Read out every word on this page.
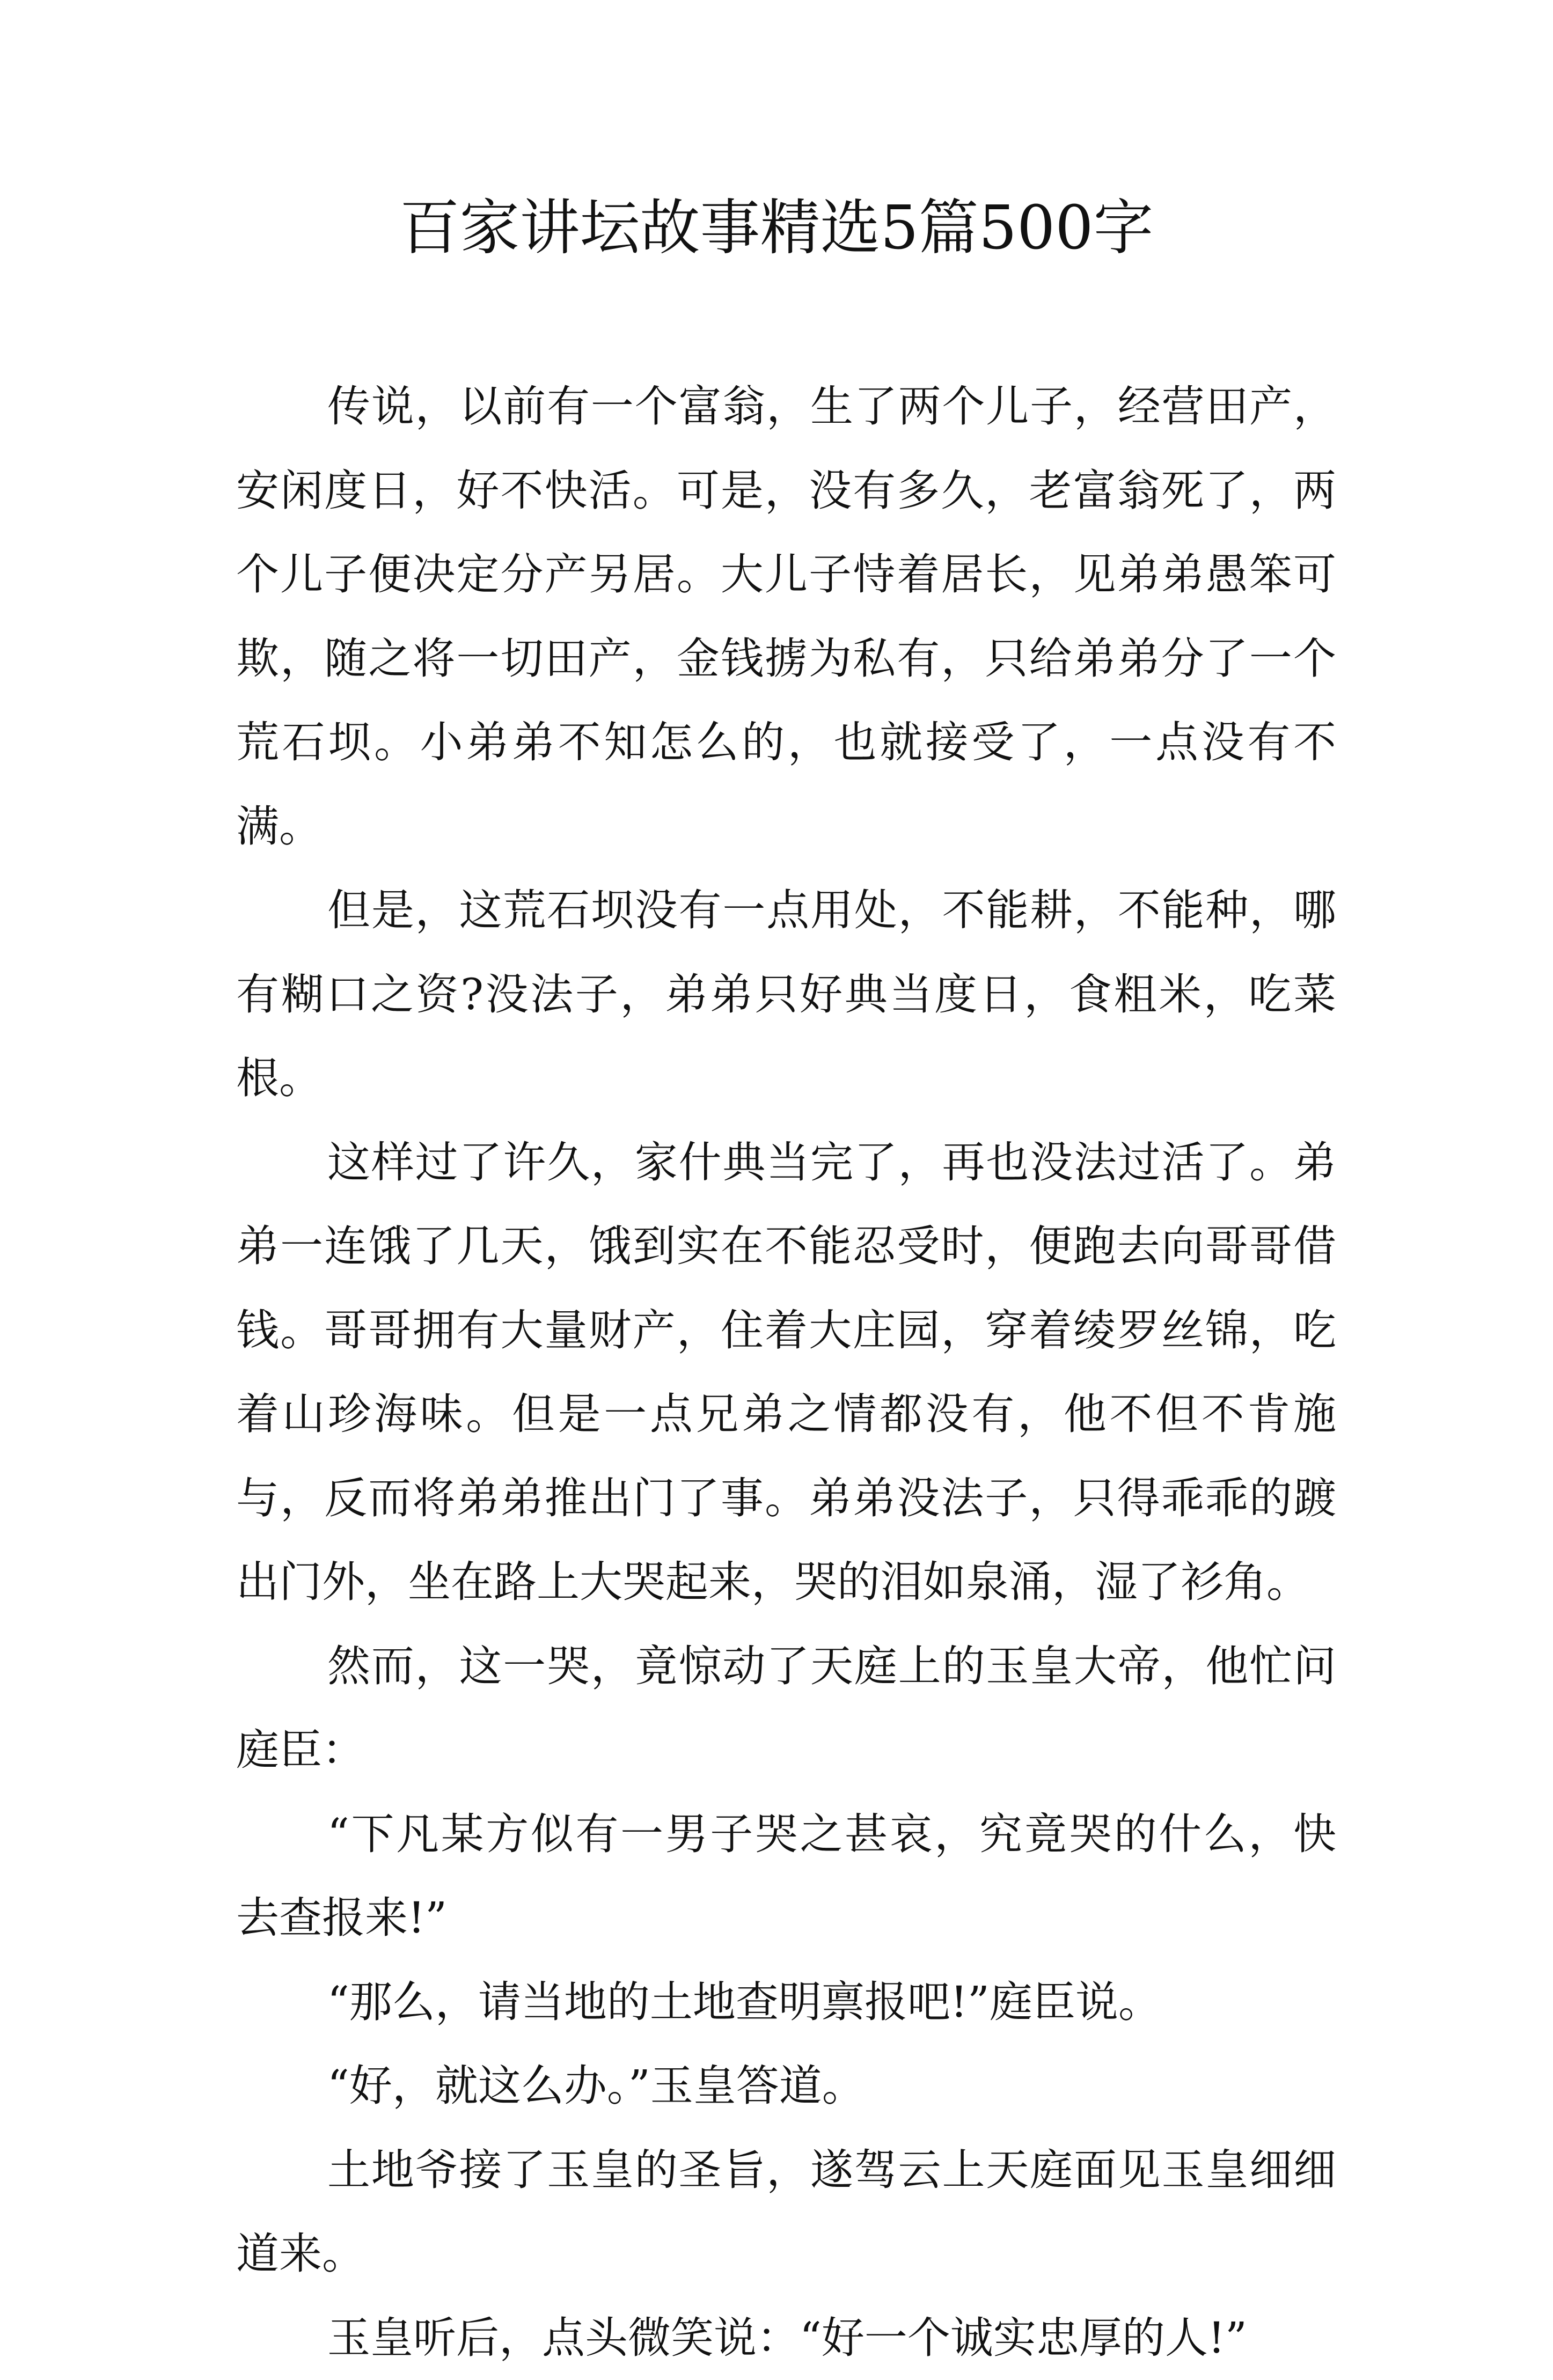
百家讲坛故事精选5篇500字

传说，以前有一个富翁，生了两个儿子，经营田产，安闲度日，好不快活。可是，没有多久，老富翁死了，两个儿子便决定分产另居。大儿子恃着居长，见弟弟愚笨可欺，随之将一切田产，金钱掳为私有，只给弟弟分了一个荒石坝。小弟弟不知怎么的，也就接受了，一点没有不满。

但是，这荒石坝没有一点用处，不能耕，不能种，哪有糊口之资?没法子，弟弟只好典当度日，食粗米，吃菜根。

这样过了许久，家什典当完了，再也没法过活了。弟弟一连饿了几天，饿到实在不能忍受时，便跑去向哥哥借钱。哥哥拥有大量财产，住着大庄园，穿着绫罗丝锦，吃着山珍海味。但是一点兄弟之情都没有，他不但不肯施与，反而将弟弟推出门了事。弟弟没法子，只得乖乖的踱出门外，坐在路上大哭起来，哭的泪如泉涌，湿了衫角。

然而，这一哭，竟惊动了天庭上的玉皇大帝，他忙问庭臣：

“下凡某方似有一男子哭之甚哀，究竟哭的什么，快去查报来!”

“那么，请当地的土地查明禀报吧!”庭臣说。

“好，就这么办。”玉皇答道。

土地爷接了玉皇的圣旨，遂驾云上天庭面见玉皇细细道来。

玉皇听后，点头微笑说：“好一个诚实忠厚的人!”
